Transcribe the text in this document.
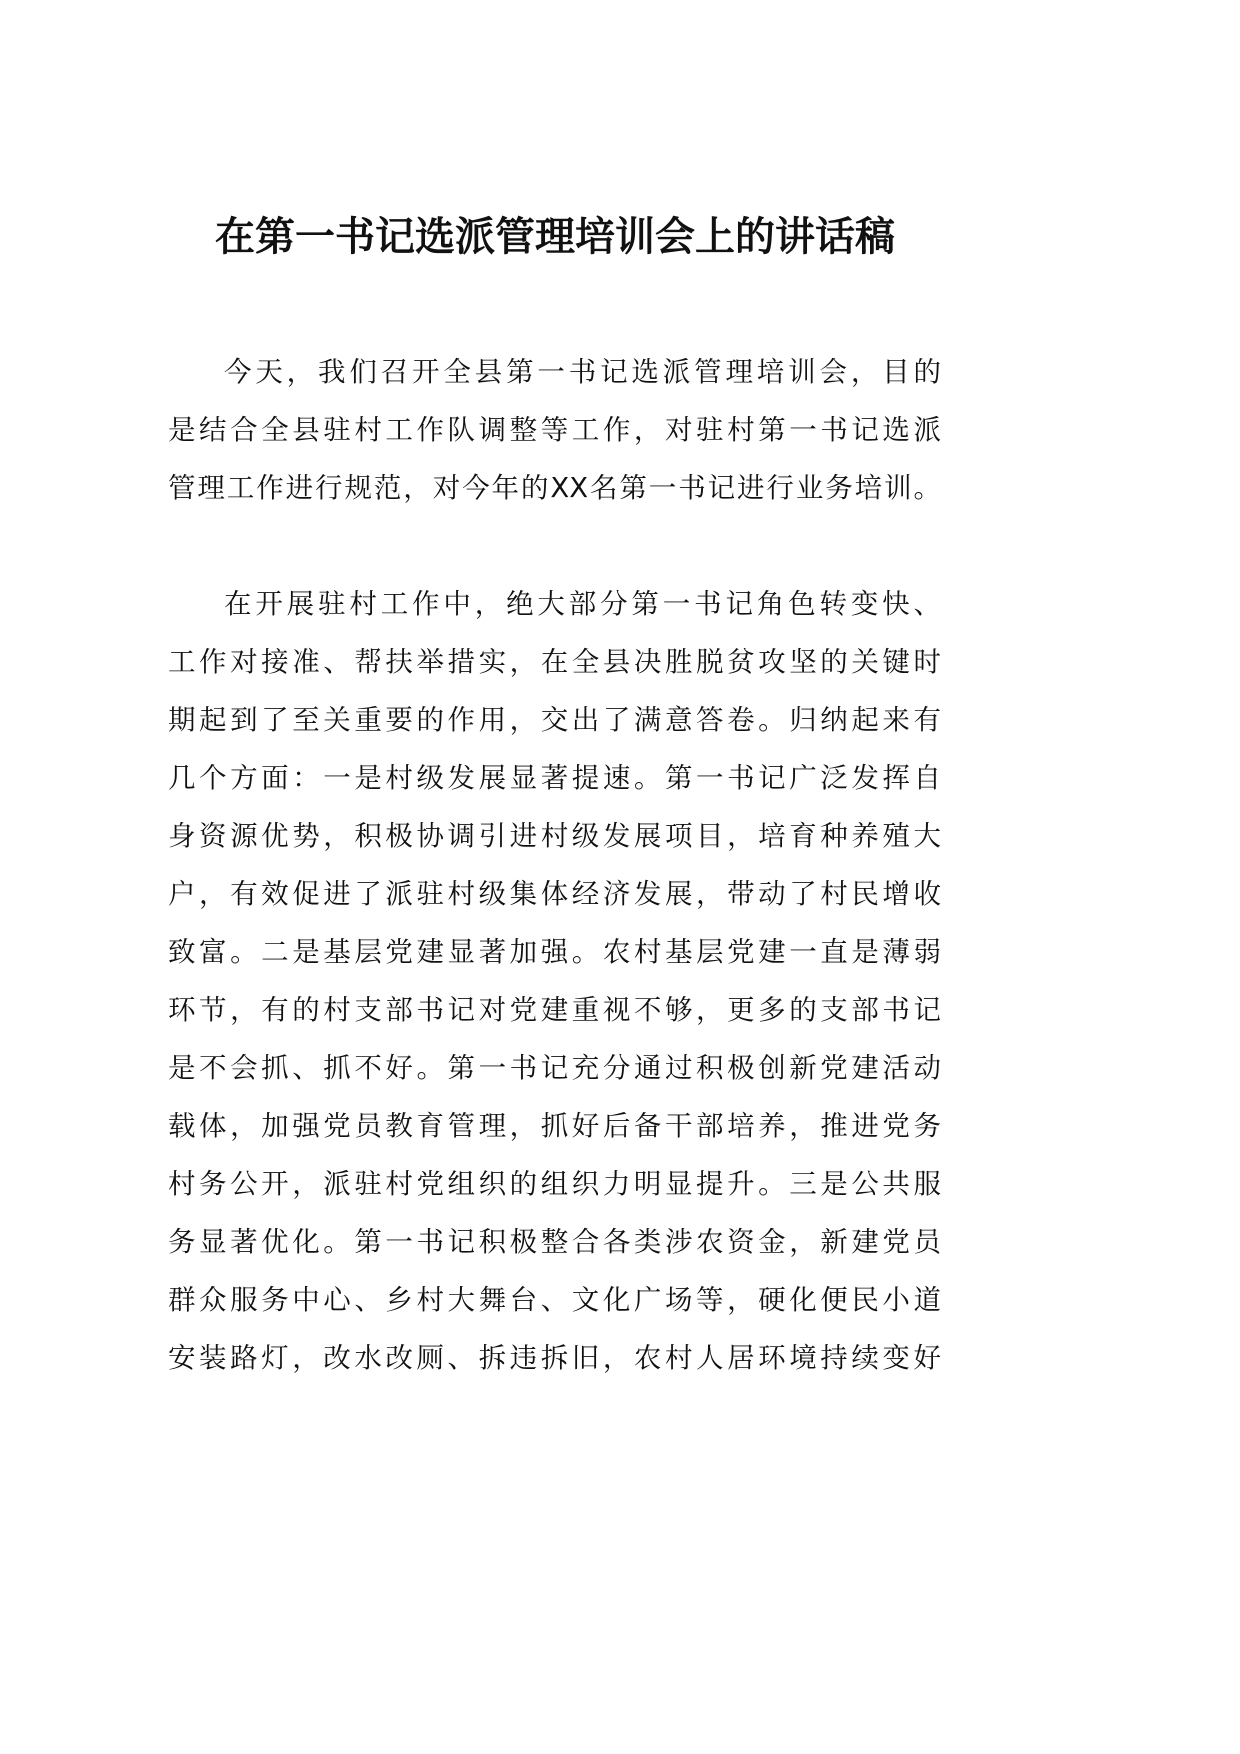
在第一书记选派管理培训会上的讲话稿
今天，我们召开全县第一书记选派管理培训会，目的
是结合全县驻村工作队调整等工作，对驻村第一书记选派
管理工作进行规范，对今年的XX名第一书记进行业务培训。
在开展驻村工作中，绝大部分第一书记角色转变快、
工作对接准、帮扶举措实，在全县决胜脱贫攻坚的关键时
期起到了至关重要的作用，交出了满意答卷。归纳起来有
几个方面：一是村级发展显著提速。第一书记广泛发挥自
身资源优势，积极协调引进村级发展项目，培育种养殖大
户，有效促进了派驻村级集体经济发展，带动了村民增收
致富。二是基层党建显著加强。农村基层党建一直是薄弱
环节，有的村支部书记对党建重视不够，更多的支部书记
是不会抓、抓不好。第一书记充分通过积极创新党建活动
载体，加强党员教育管理，抓好后备干部培养，推进党务
村务公开，派驻村党组织的组织力明显提升。三是公共服
务显著优化。第一书记积极整合各类涉农资金，新建党员
群众服务中心、乡村大舞台、文化广场等，硬化便民小道
安装路灯，改水改厕、拆违拆旧，农村人居环境持续变好
